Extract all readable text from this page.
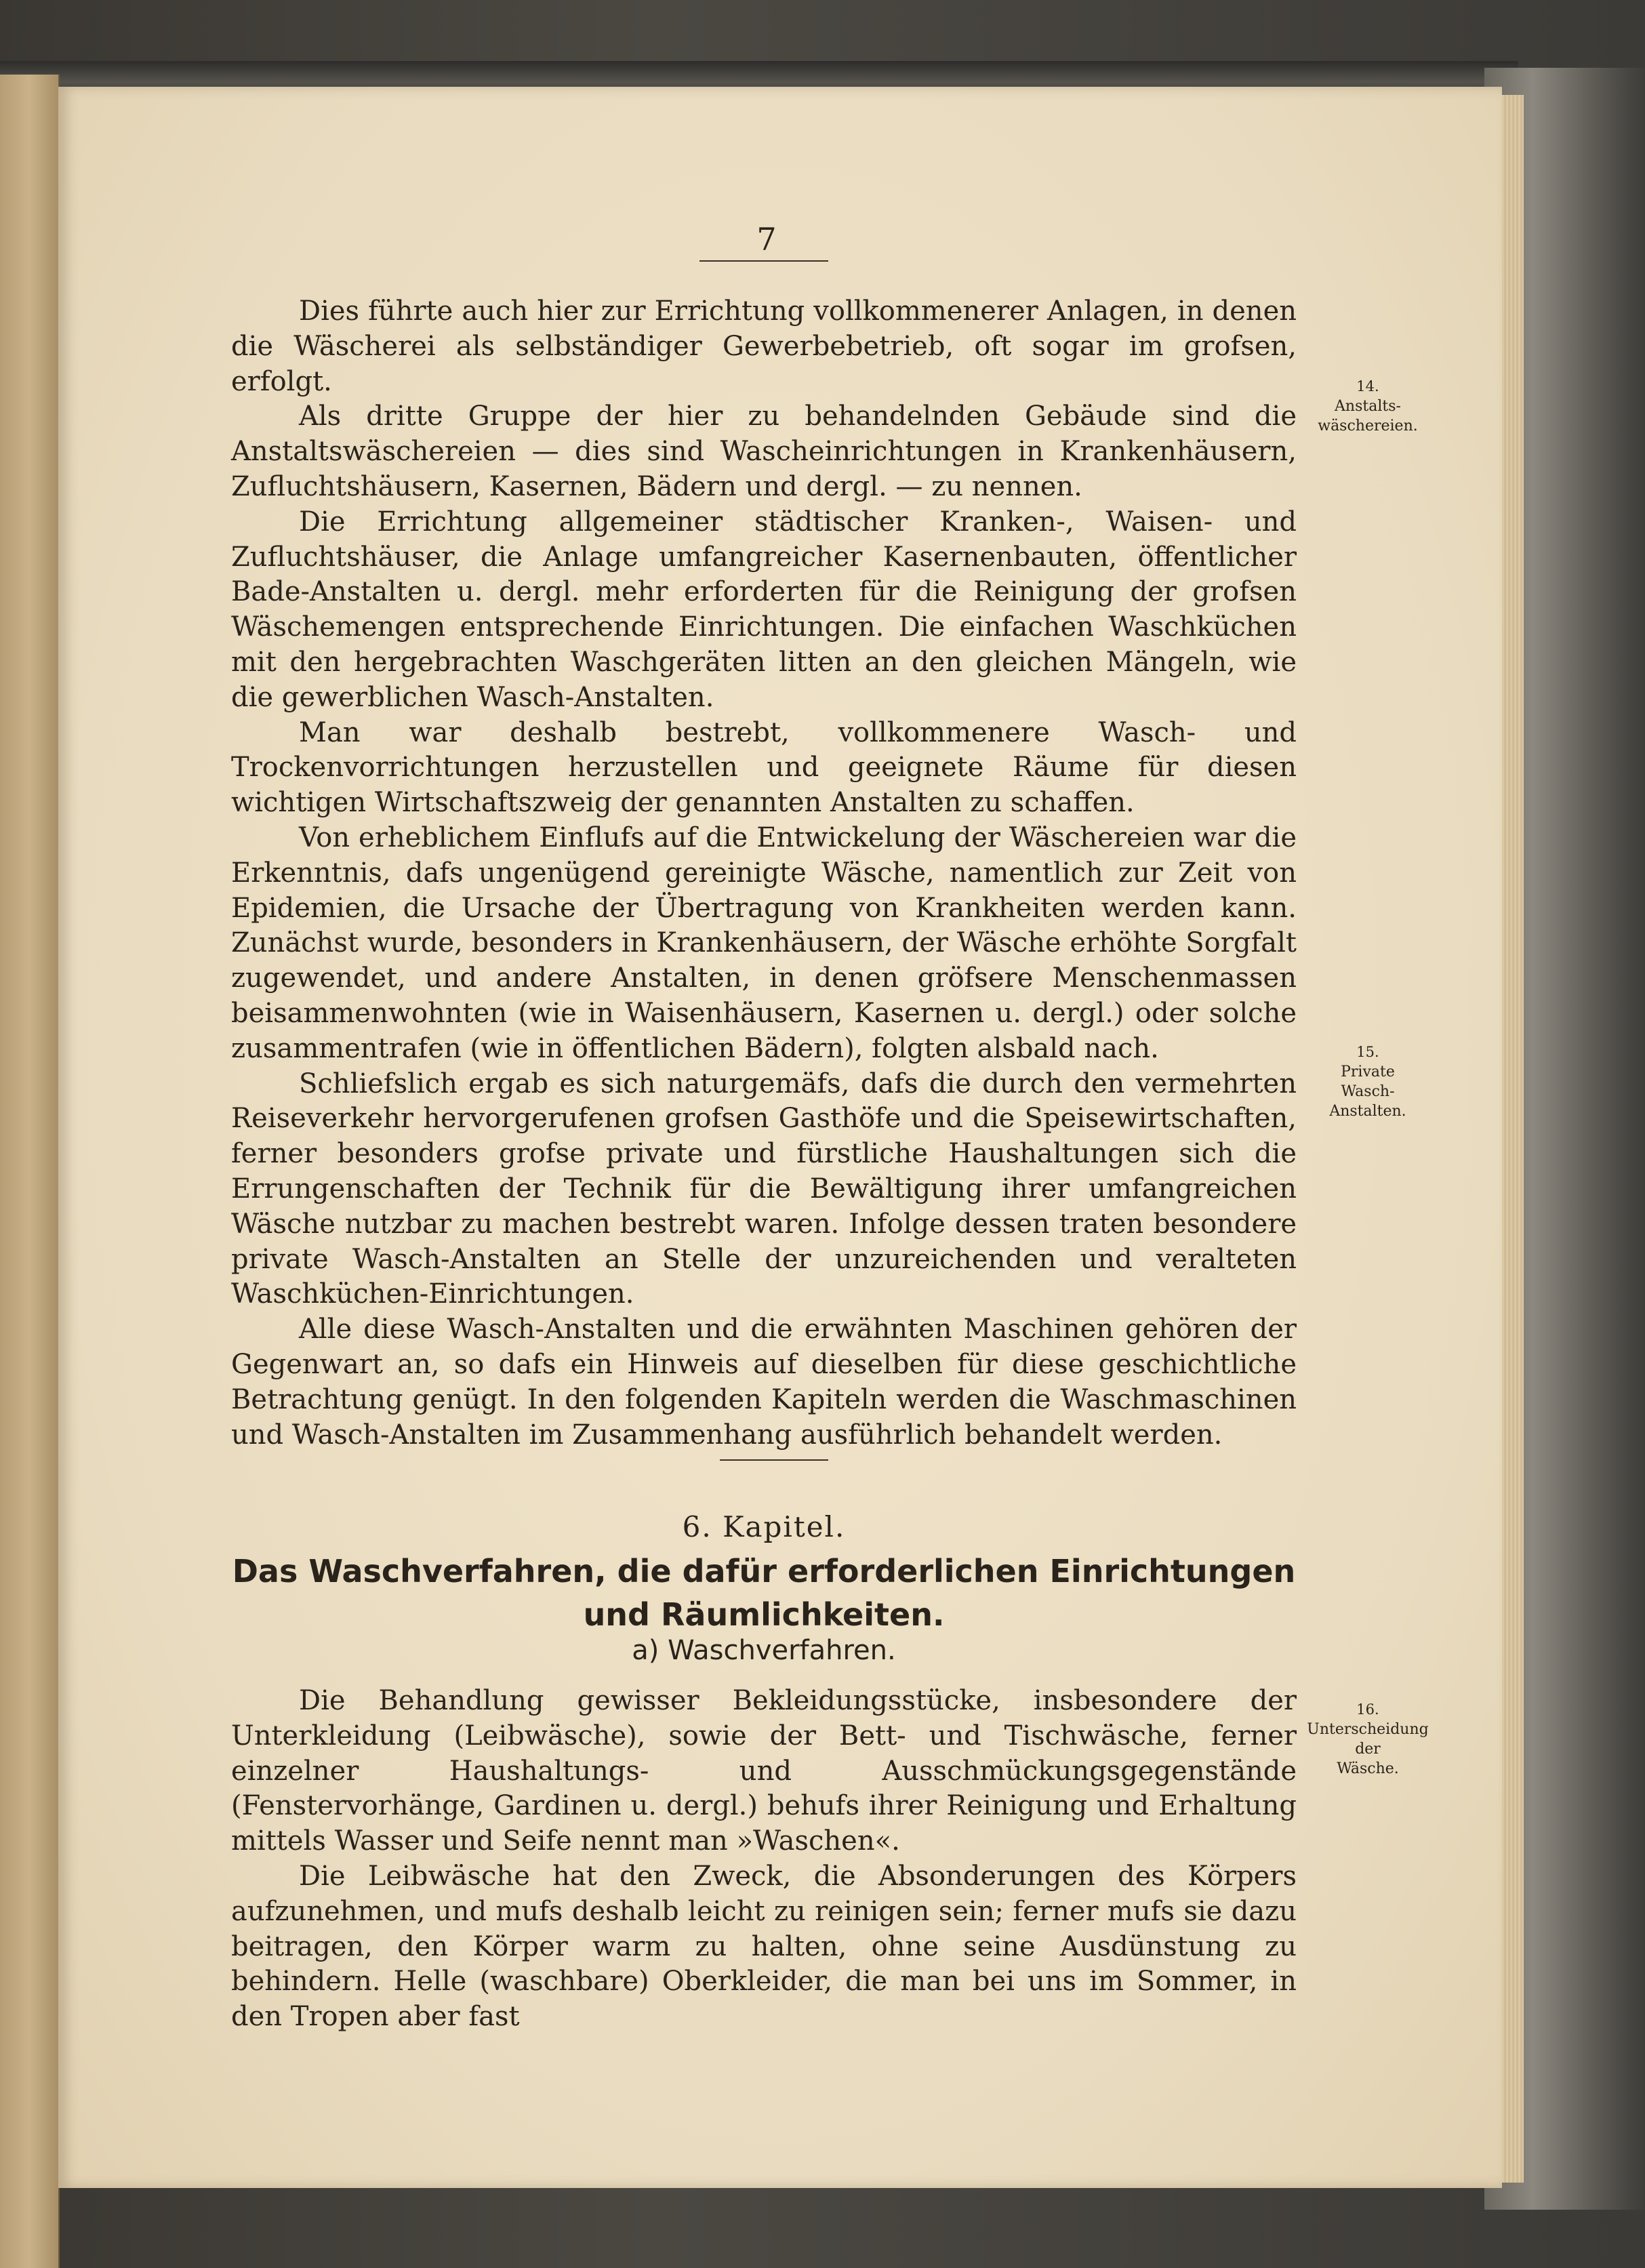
7

Dies führte auch hier zur Errichtung vollkommenerer Anlagen, in denen die Wäscherei als selbständiger Gewerbebetrieb, oft sogar im grofsen, erfolgt.

Als dritte Gruppe der hier zu behandelnden Gebäude sind die Anstaltswäschereien — dies sind Wascheinrichtungen in Krankenhäusern, Zufluchtshäusern, Kasernen, Bädern und dergl. — zu nennen.

Die Errichtung allgemeiner städtischer Kranken-, Waisen- und Zufluchtshäuser, die Anlage umfangreicher Kasernenbauten, öffentlicher Bade-Anstalten u. dergl. mehr erforderten für die Reinigung der grofsen Wäschemengen entsprechende Einrichtungen. Die einfachen Waschküchen mit den hergebrachten Waschgeräten litten an den gleichen Mängeln, wie die gewerblichen Wasch-Anstalten.

Man war deshalb bestrebt, vollkommenere Wasch- und Trockenvorrichtungen herzustellen und geeignete Räume für diesen wichtigen Wirtschaftszweig der genannten Anstalten zu schaffen.

Von erheblichem Einflufs auf die Entwickelung der Wäschereien war die Erkenntnis, dafs ungenügend gereinigte Wäsche, namentlich zur Zeit von Epidemien, die Ursache der Übertragung von Krankheiten werden kann. Zunächst wurde, besonders in Krankenhäusern, der Wäsche erhöhte Sorgfalt zugewendet, und andere Anstalten, in denen gröfsere Menschenmassen beisammenwohnten (wie in Waisenhäusern, Kasernen u. dergl.) oder solche zusammentrafen (wie in öffentlichen Bädern), folgten alsbald nach.

Schliefslich ergab es sich naturgemäfs, dafs die durch den vermehrten Reiseverkehr hervorgerufenen grofsen Gasthöfe und die Speisewirtschaften, ferner besonders grofse private und fürstliche Haushaltungen sich die Errungenschaften der Technik für die Bewältigung ihrer umfangreichen Wäsche nutzbar zu machen bestrebt waren. Infolge dessen traten besondere private Wasch-Anstalten an Stelle der unzureichenden und veralteten Waschküchen-Einrichtungen.

Alle diese Wasch-Anstalten und die erwähnten Maschinen gehören der Gegenwart an, so dafs ein Hinweis auf dieselben für diese geschichtliche Betrachtung genügt. In den folgenden Kapiteln werden die Waschmaschinen und Wasch-Anstalten im Zusammenhang ausführlich behandelt werden.

6. Kapitel.
Das Waschverfahren, die dafür erforderlichen Einrichtungen
und Räumlichkeiten.
a) Waschverfahren.

Die Behandlung gewisser Bekleidungsstücke, insbesondere der Unterkleidung (Leibwäsche), sowie der Bett- und Tischwäsche, ferner einzelner Haushaltungs- und Ausschmückungsgegenstände (Fenstervorhänge, Gardinen u. dergl.) behufs ihrer Reinigung und Erhaltung mittels Wasser und Seife nennt man »Waschen«.

Die Leibwäsche hat den Zweck, die Absonderungen des Körpers aufzunehmen, und mufs deshalb leicht zu reinigen sein; ferner mufs sie dazu beitragen, den Körper warm zu halten, ohne seine Ausdünstung zu behindern. Helle (waschbare) Oberkleider, die man bei uns im Sommer, in den Tropen aber fast

14.
Anstalts-
wäschereien.
15.
Private
Wasch-
Anstalten.
16.
Unterscheidung
der
Wäsche.
